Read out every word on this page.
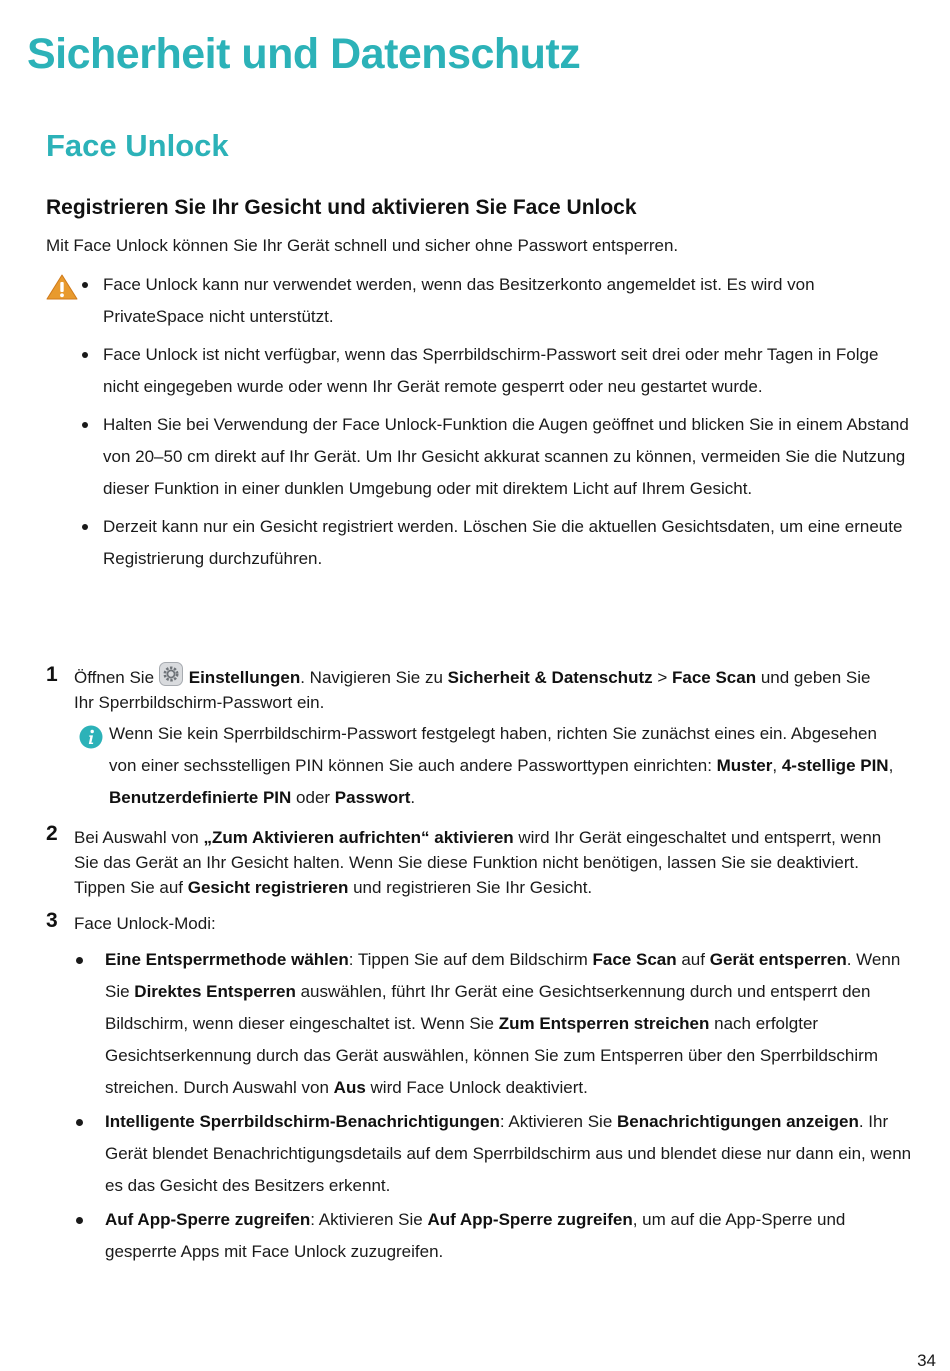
Sicherheit und Datenschutz
Face Unlock
Registrieren Sie Ihr Gesicht und aktivieren Sie Face Unlock

Mit Face Unlock können Sie Ihr Gerät schnell und sicher ohne Passwort entsperren.

Face Unlock kann nur verwendet werden, wenn das Besitzerkonto angemeldet ist. Es wird von PrivateSpace nicht unterstützt.
Face Unlock ist nicht verfügbar, wenn das Sperrbildschirm-Passwort seit drei oder mehr Tagen in Folge nicht eingegeben wurde oder wenn Ihr Gerät remote gesperrt oder neu gestartet wurde.
Halten Sie bei Verwendung der Face Unlock-Funktion die Augen geöffnet und blicken Sie in einem Abstand von 20–50 cm direkt auf Ihr Gerät. Um Ihr Gesicht akkurat scannen zu können, vermeiden Sie die Nutzung dieser Funktion in einer dunklen Umgebung oder mit direktem Licht auf Ihrem Gesicht.
Derzeit kann nur ein Gesicht registriert werden. Löschen Sie die aktuellen Gesichtsdaten, um eine erneute Registrierung durchzuführen.
1 Öffnen Sie Einstellungen. Navigieren Sie zu Sicherheit & Datenschutz > Face Scan und geben Sie Ihr Sperrbildschirm-Passwort ein.

Wenn Sie kein Sperrbildschirm-Passwort festgelegt haben, richten Sie zunächst eines ein. Abgesehen von einer sechsstelligen PIN können Sie auch andere Passworttypen einrichten: Muster, 4-stellige PIN, Benutzerdefinierte PIN oder Passwort.

2 Bei Auswahl von „Zum Aktivieren aufrichten“ aktivieren wird Ihr Gerät eingeschaltet und entsperrt, wenn Sie das Gerät an Ihr Gesicht halten. Wenn Sie diese Funktion nicht benötigen, lassen Sie sie deaktiviert. Tippen Sie auf Gesicht registrieren und registrieren Sie Ihr Gesicht.

3 Face Unlock-Modi:

Eine Entsperrmethode wählen: Tippen Sie auf dem Bildschirm Face Scan auf Gerät entsperren. Wenn Sie Direktes Entsperren auswählen, führt Ihr Gerät eine Gesichtserkennung durch und entsperrt den Bildschirm, wenn dieser eingeschaltet ist. Wenn Sie Zum Entsperren streichen nach erfolgter Gesichtserkennung durch das Gerät auswählen, können Sie zum Entsperren über den Sperrbildschirm streichen. Durch Auswahl von Aus wird Face Unlock deaktiviert.
Intelligente Sperrbildschirm-Benachrichtigungen: Aktivieren Sie Benachrichtigungen anzeigen. Ihr Gerät blendet Benachrichtigungsdetails auf dem Sperrbildschirm aus und blendet diese nur dann ein, wenn es das Gesicht des Besitzers erkennt.
Auf App-Sperre zugreifen: Aktivieren Sie Auf App-Sperre zugreifen, um auf die App-Sperre und gesperrte Apps mit Face Unlock zuzugreifen.
34
